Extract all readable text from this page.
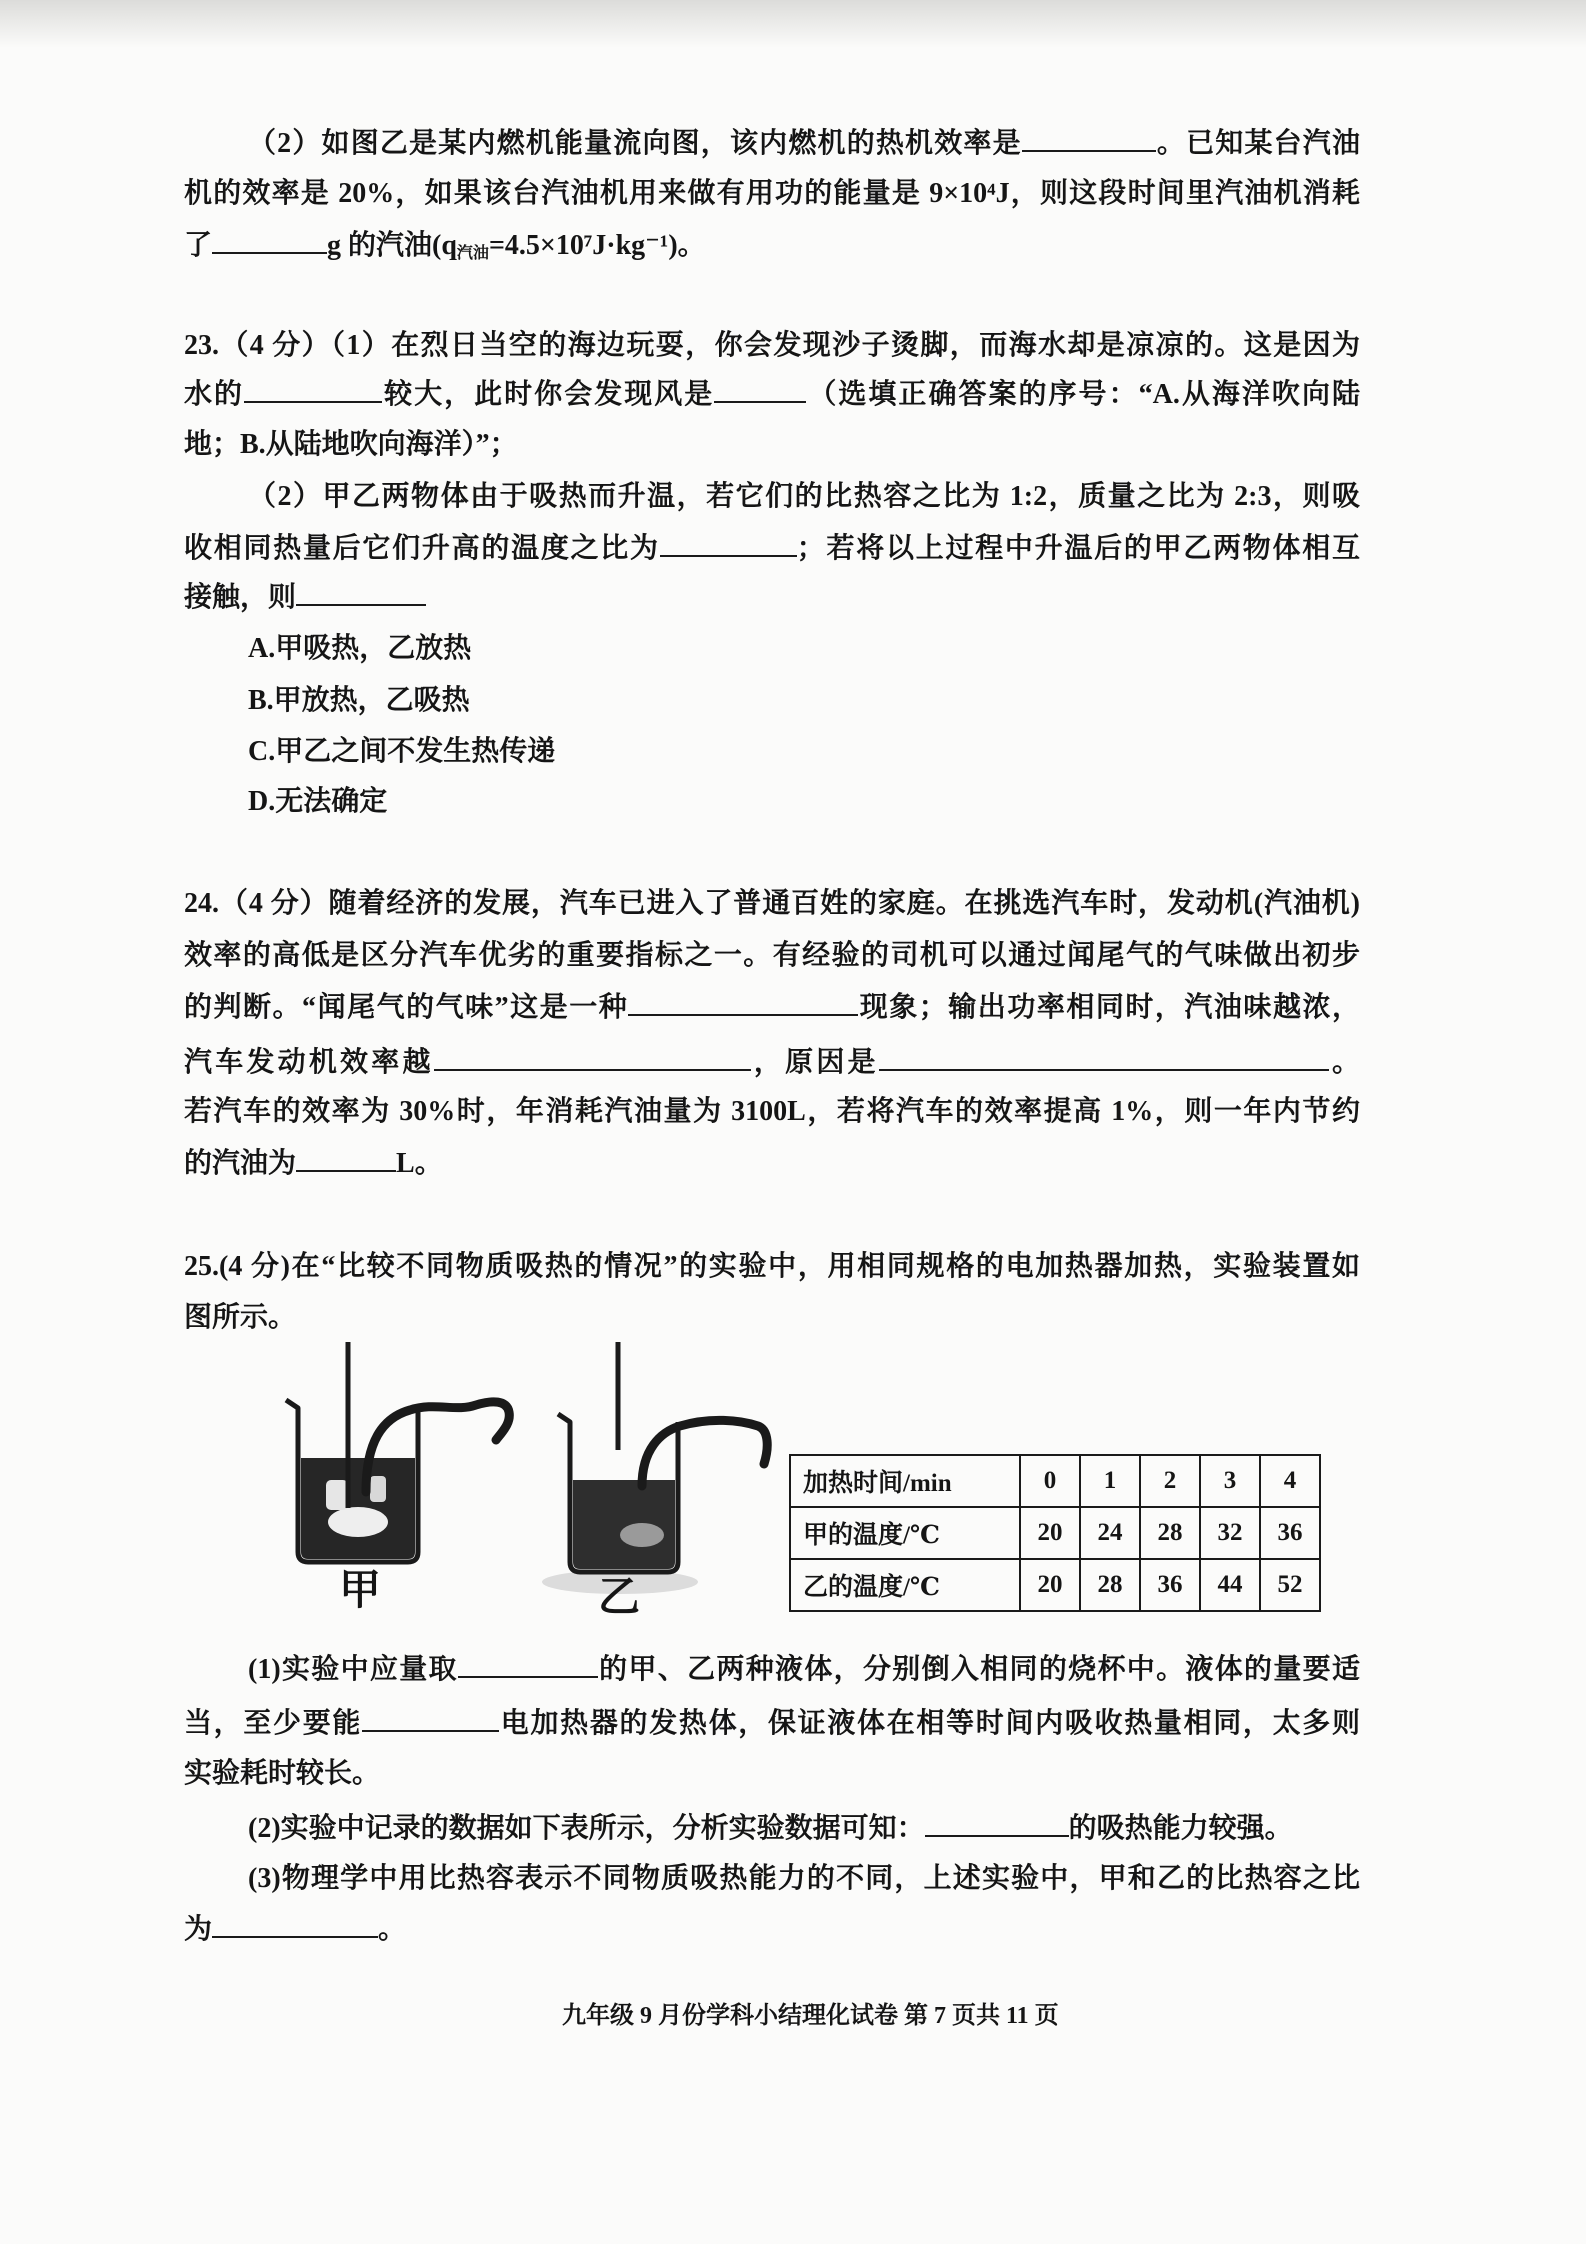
（2）如图乙是某内燃机能量流向图，该内燃机的热机效率是	。已知某台汽油
机的效率是 20%，如果该台汽油机用来做有用功的能量是 9×10⁴J，则这段时间里汽油机消耗
了	g 的汽油$(q_{汽油}=4.5\times 10^7J\cdot kg^{-1})$。
23.（4 分）（1）在烈日当空的海边玩耍，你会发现沙子烫脚，而海水却是凉凉的。这是因为
水的	较大，此时你会发现风是	（选填正确答案的序号：“A.从海洋吹向陆
地；B.从陆地吹向海洋）”；
（2）甲乙两物体由于吸热而升温，若它们的比热容之比为 1:2，质量之比为 2:3，则吸
收相同热量后它们升高的温度之比为	；若将以上过程中升温后的甲乙两物体相互
接触，则
A.甲吸热，乙放热
B.甲放热，乙吸热
C.甲乙之间不发生热传递
D.无法确定
24.（4 分）随着经济的发展，汽车已进入了普通百姓的家庭。在挑选汽车时，发动机(汽油机)
效率的高低是区分汽车优劣的重要指标之一。有经验的司机可以通过闻尾气的气味做出初步
的判断。“闻尾气的气味”这是一种	现象；输出功率相同时，汽油味越浓，
汽车发动机效率越	，原因是	。
若汽车的效率为 30%时，年消耗汽油量为 3100L，若将汽车的效率提高 1%，则一年内节约
的汽油为	L。
25.(4 分)在“比较不同物质吸热的情况”的实验中，用相同规格的电加热器加热，实验装置如
图所示。
甲	乙
加热时间/min	0	1	2	3	4
甲的温度/℃	20	24	28	32	36
乙的温度/℃	20	28	36	44	52
(1)实验中应量取	的甲、乙两种液体，分别倒入相同的烧杯中。液体的量要适
当，至少要能	电加热器的发热体，保证液体在相等时间内吸收热量相同，太多则
实验耗时较长。
(2)实验中记录的数据如下表所示，分析实验数据可知：	的吸热能力较强。
(3)物理学中用比热容表示不同物质吸热能力的不同，上述实验中，甲和乙的比热容之比
为	。
九年级 9 月份学科小结理化试卷 第 7 页共 11 页
